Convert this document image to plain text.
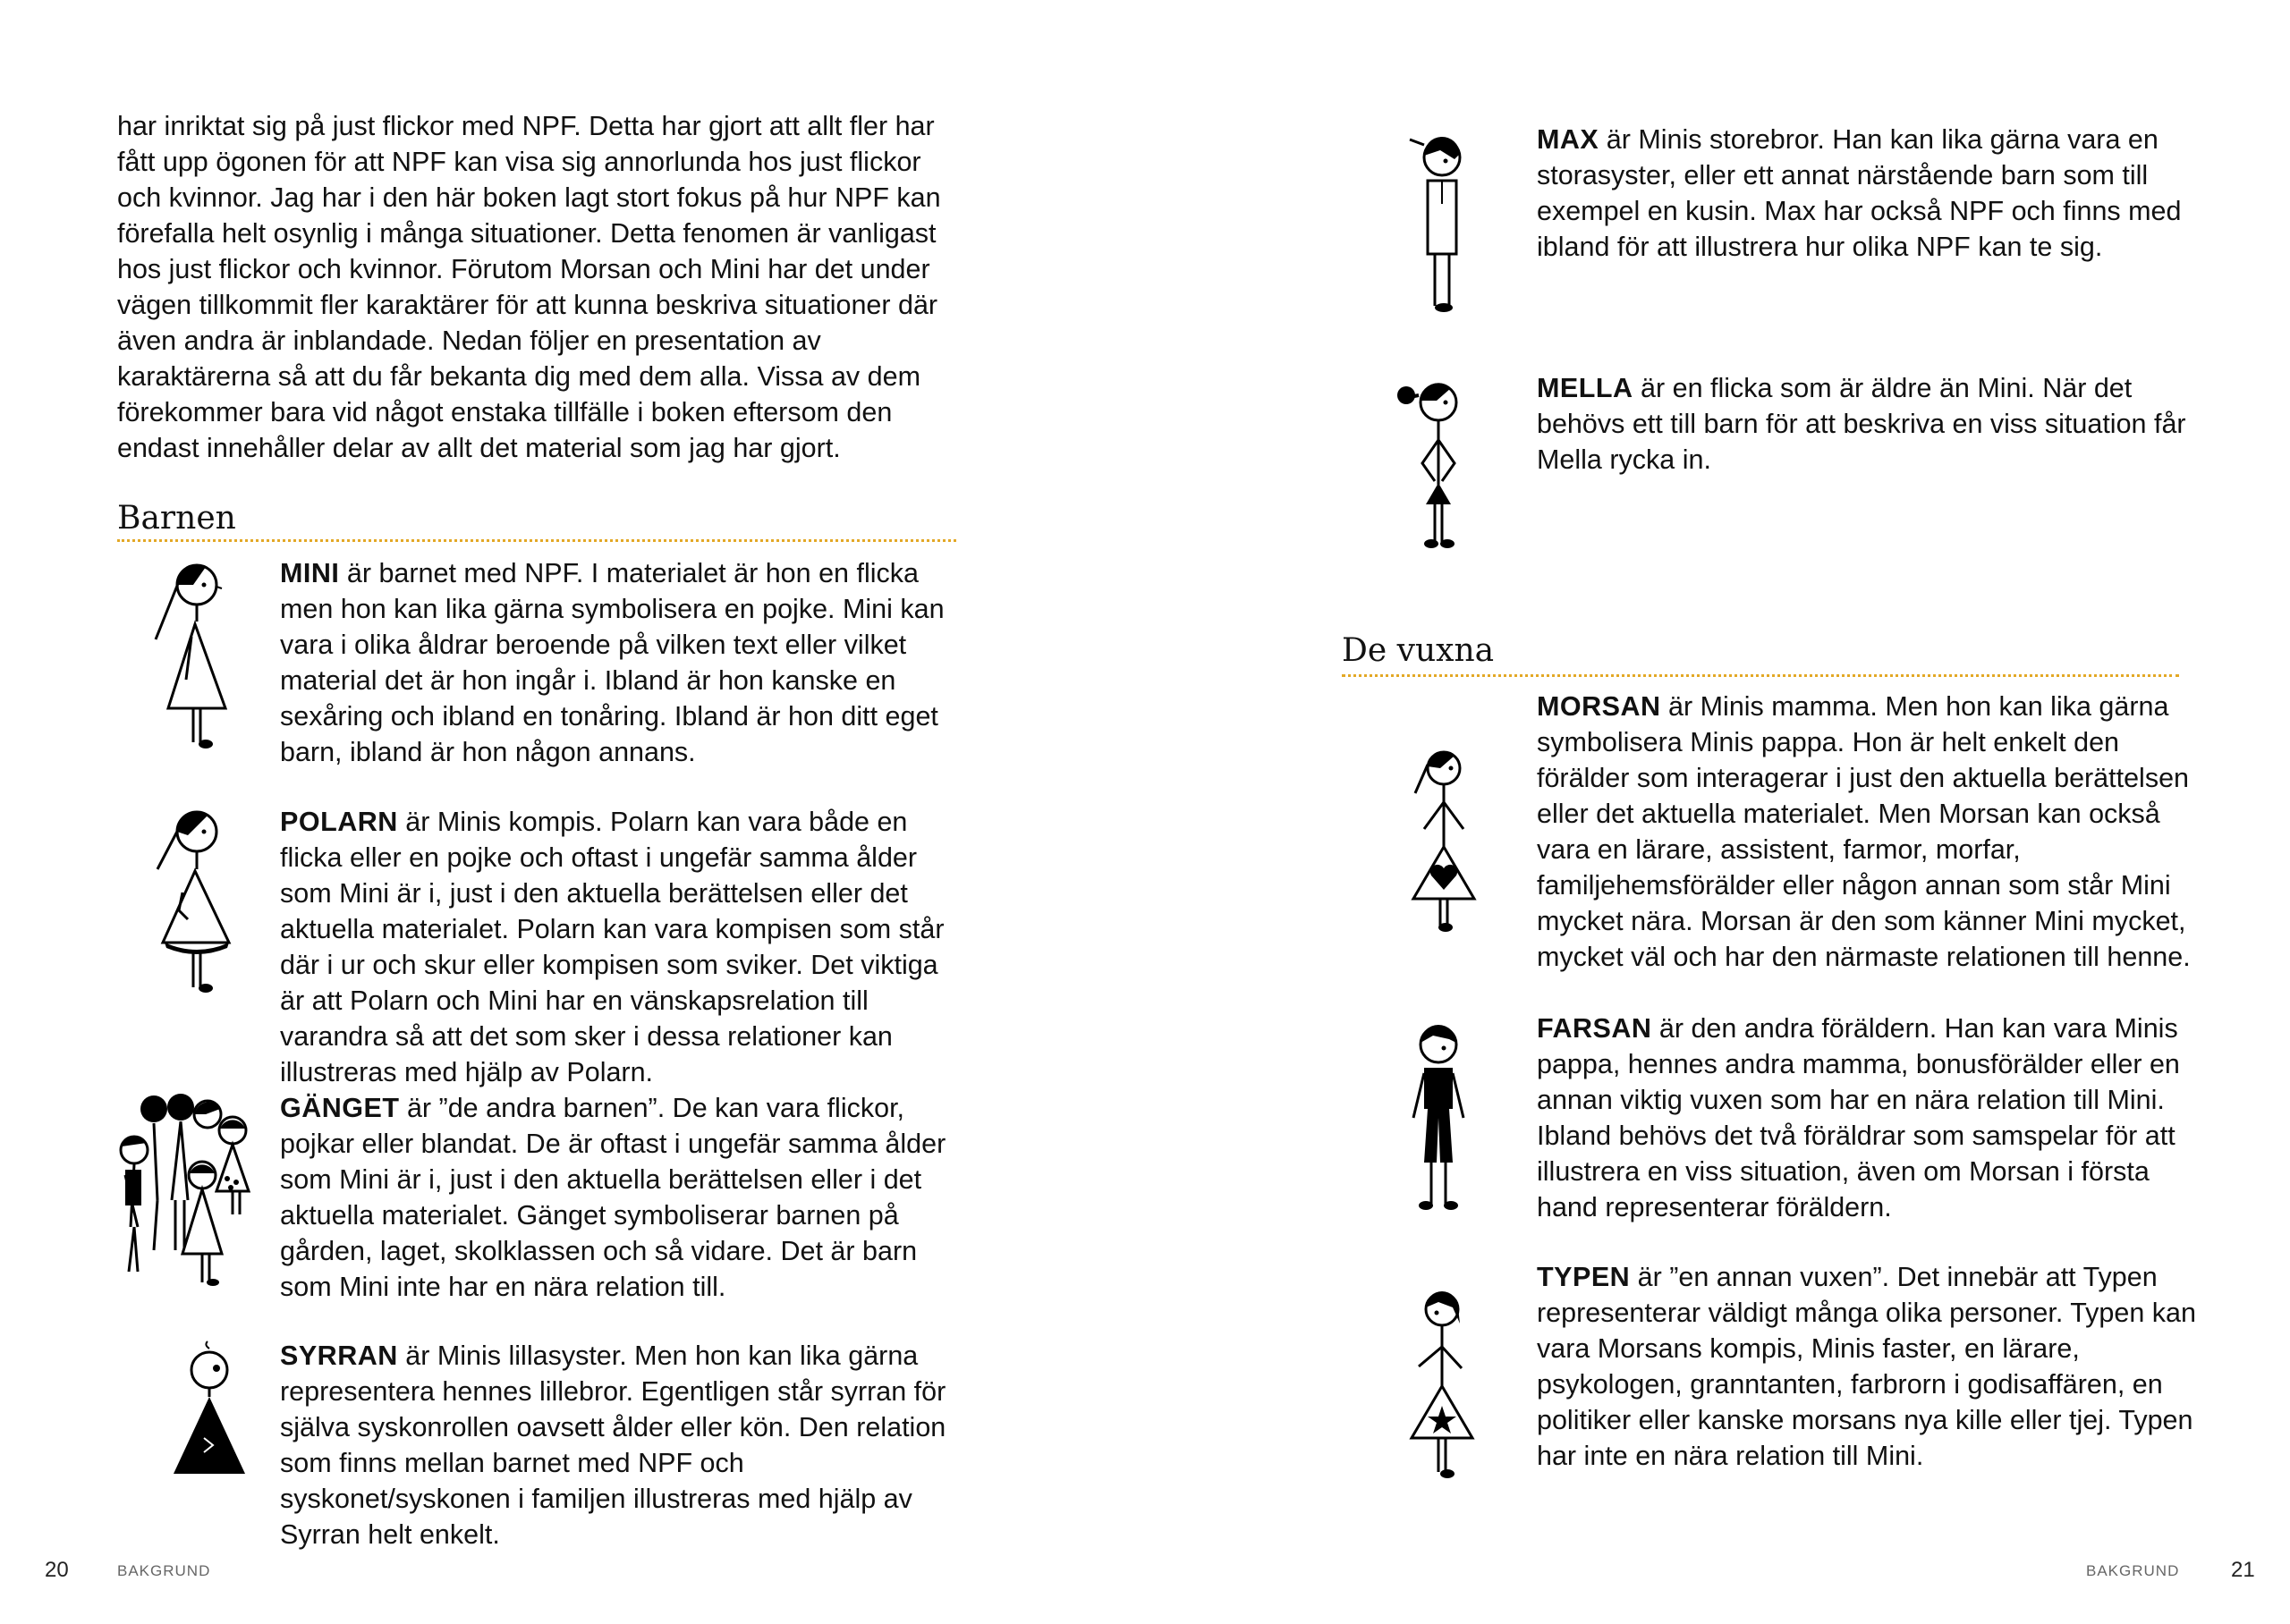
har inriktat sig på just flickor med NPF. Detta har gjort att allt fler har fått upp ögonen för att NPF kan visa sig annorlunda hos just flickor och kvinnor. Jag har i den här boken lagt stort fokus på hur NPF kan förefalla helt osynlig i många situationer. Detta fenomen är vanligast hos just flickor och kvinnor. Förutom Morsan och Mini har det under vägen tillkommit fler karaktärer för att kunna beskriva situationer där även andra är inblandade. Nedan följer en presentation av karaktärerna så att du får bekanta dig med dem alla. Vissa av dem förekommer bara vid något enstaka tillfälle i boken eftersom den endast innehåller delar av allt det material som jag har gjort.

Barnen

MINI är barnet med NPF. I materialet är hon en flicka men hon kan lika gärna symbolisera en pojke. Mini kan vara i olika åldrar beroende på vilken text eller vilket material det är hon ingår i. Ibland är hon kanske en sexåring och ibland en tonåring. Ibland är hon ditt eget barn, ibland är hon någon annans.

POLARN är Minis kompis. Polarn kan vara både en flicka eller en pojke och oftast i ungefär samma ålder som Mini är i, just i den aktuella berättelsen eller det aktuella materialet. Polarn kan vara kompisen som står där i ur och skur eller kompisen som sviker. Det viktiga är att Polarn och Mini har en vänskapsrelation till varandra så att det som sker i dessa relationer kan illustreras med hjälp av Polarn.

GÄNGET är ”de andra barnen”. De kan vara flickor, pojkar eller blandat. De är oftast i ungefär samma ålder som Mini är i, just i den aktuella berättelsen eller i det aktuella materialet. Gänget symboliserar barnen på gården, laget, skolklassen och så vidare. Det är barn som Mini inte har en nära relation till.

SYRRAN är Minis lillasyster. Men hon kan lika gärna representera hennes lillebror. Egentligen står syrran för själva syskonrollen oavsett ålder eller kön. Den relation som finns mellan barnet med NPF och syskonet/syskonen i familjen illustreras med hjälp av Syrran helt enkelt.

20	BAKGRUND

MAX är Minis storebror. Han kan lika gärna vara en storasyster, eller ett annat närstående barn som till exempel en kusin. Max har också NPF och finns med ibland för att illustrera hur olika NPF kan te sig.

MELLA är en flicka som är äldre än Mini. När det behövs ett till barn för att beskriva en viss situation får Mella rycka in.

De vuxna

MORSAN är Minis mamma. Men hon kan lika gärna symbolisera Minis pappa. Hon är helt enkelt den förälder som interagerar i just den aktuella berättelsen eller det aktuella materialet. Men Morsan kan också vara en lärare, assistent, farmor, morfar, familjehemsförälder eller någon annan som står Mini mycket nära. Morsan är den som känner Mini mycket, mycket väl och har den närmaste relationen till henne.

FARSAN är den andra föräldern. Han kan vara Minis pappa, hennes andra mamma, bonusförälder eller en annan viktig vuxen som har en nära relation till Mini. Ibland behövs det två föräldrar som samspelar för att illustrera en viss situation, även om Morsan i första hand representerar föräldern.

TYPEN är ”en annan vuxen”. Det innebär att Typen representerar väldigt många olika personer. Typen kan vara Morsans kompis, Minis faster, en lärare, psykologen, granntanten, farbrorn i godisaffären, en politiker eller kanske morsans nya kille eller tjej. Typen har inte en nära relation till Mini.

BAKGRUND 21
